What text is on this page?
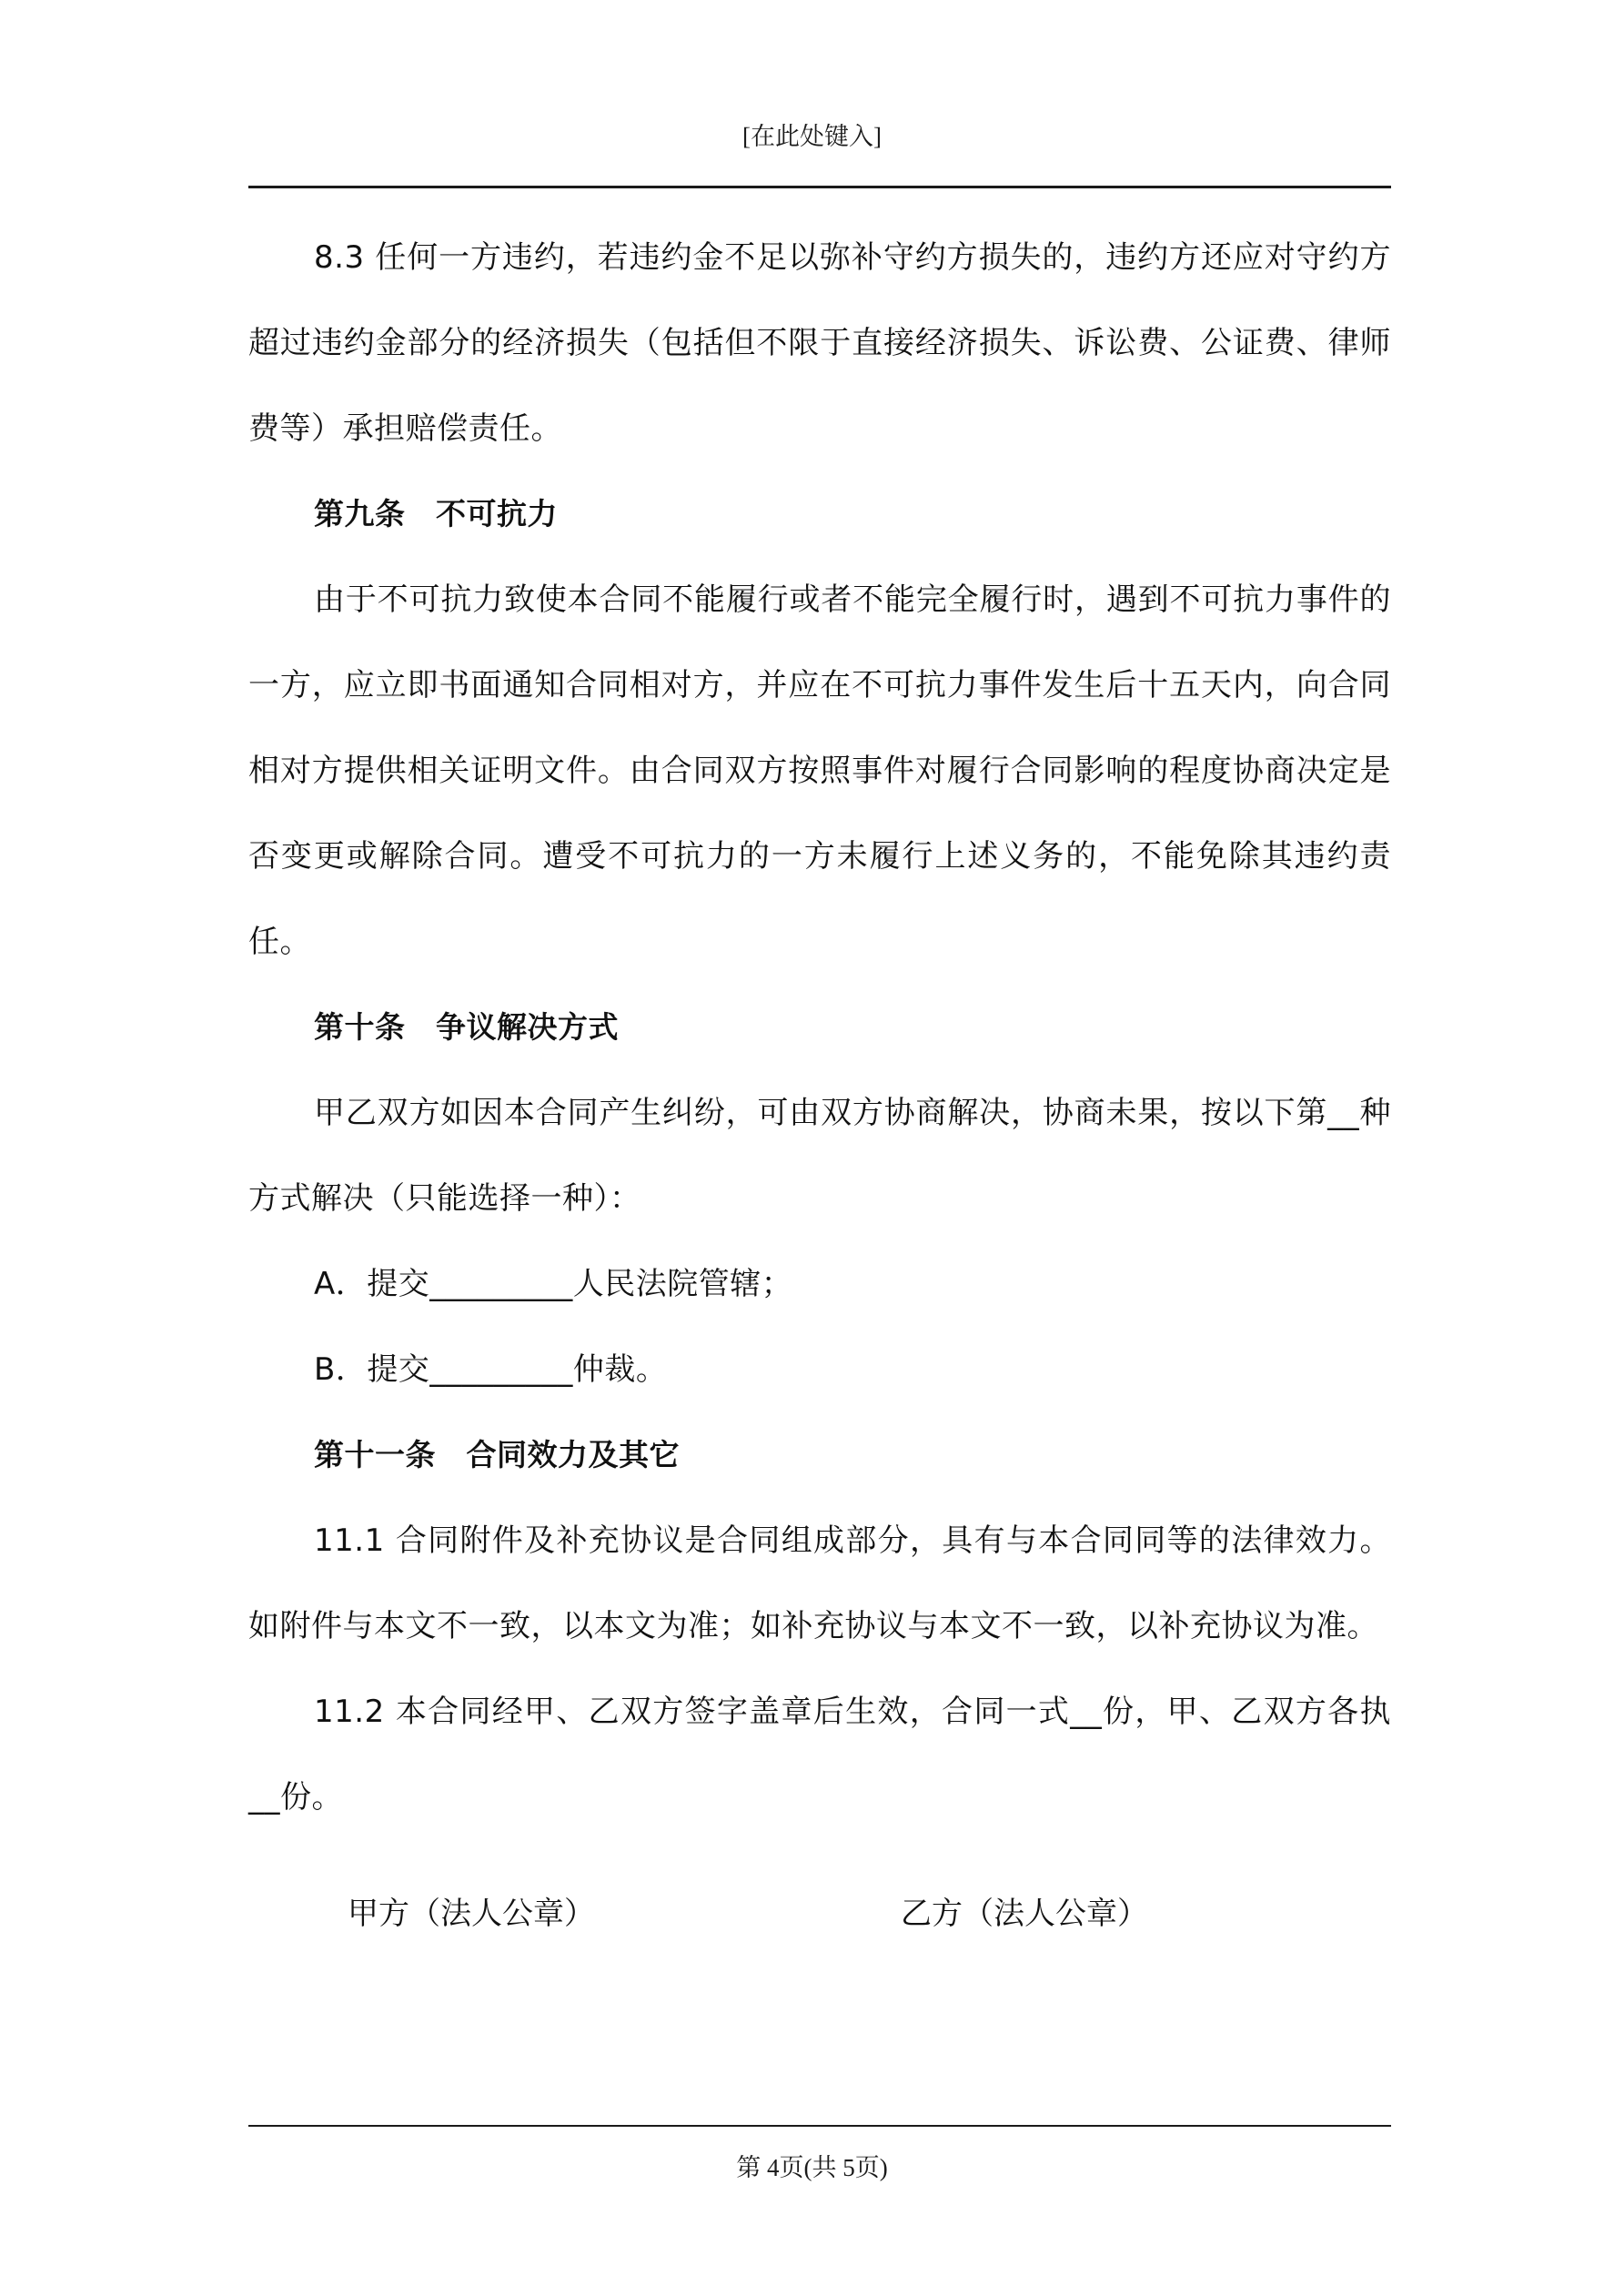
[在此处键入]

8.3 任何一方违约，若违约金不足以弥补守约方损失的，违约方还应对守约方超过违约金部分的经济损失（包括但不限于直接经济损失、诉讼费、公证费、律师费等）承担赔偿责任。

第九条　不可抗力

由于不可抗力致使本合同不能履行或者不能完全履行时，遇到不可抗力事件的一方，应立即书面通知合同相对方，并应在不可抗力事件发生后十五天内，向合同相对方提供相关证明文件。由合同双方按照事件对履行合同影响的程度协商决定是否变更或解除合同。遭受不可抗力的一方未履行上述义务的，不能免除其违约责任。

第十条　争议解决方式

甲乙双方如因本合同产生纠纷，可由双方协商解决，协商未果，按以下第__种方式解决（只能选择一种）：

A．提交_________人民法院管辖；

B．提交_________仲裁。

第十一条　合同效力及其它

11.1 合同附件及补充协议是合同组成部分，具有与本合同同等的法律效力。如附件与本文不一致，以本文为准；如补充协议与本文不一致，以补充协议为准。

11.2 本合同经甲、乙双方签字盖章后生效，合同一式__份，甲、乙双方各执__份。

甲方（法人公章）	乙方（法人公章）
第 4页(共 5页)
